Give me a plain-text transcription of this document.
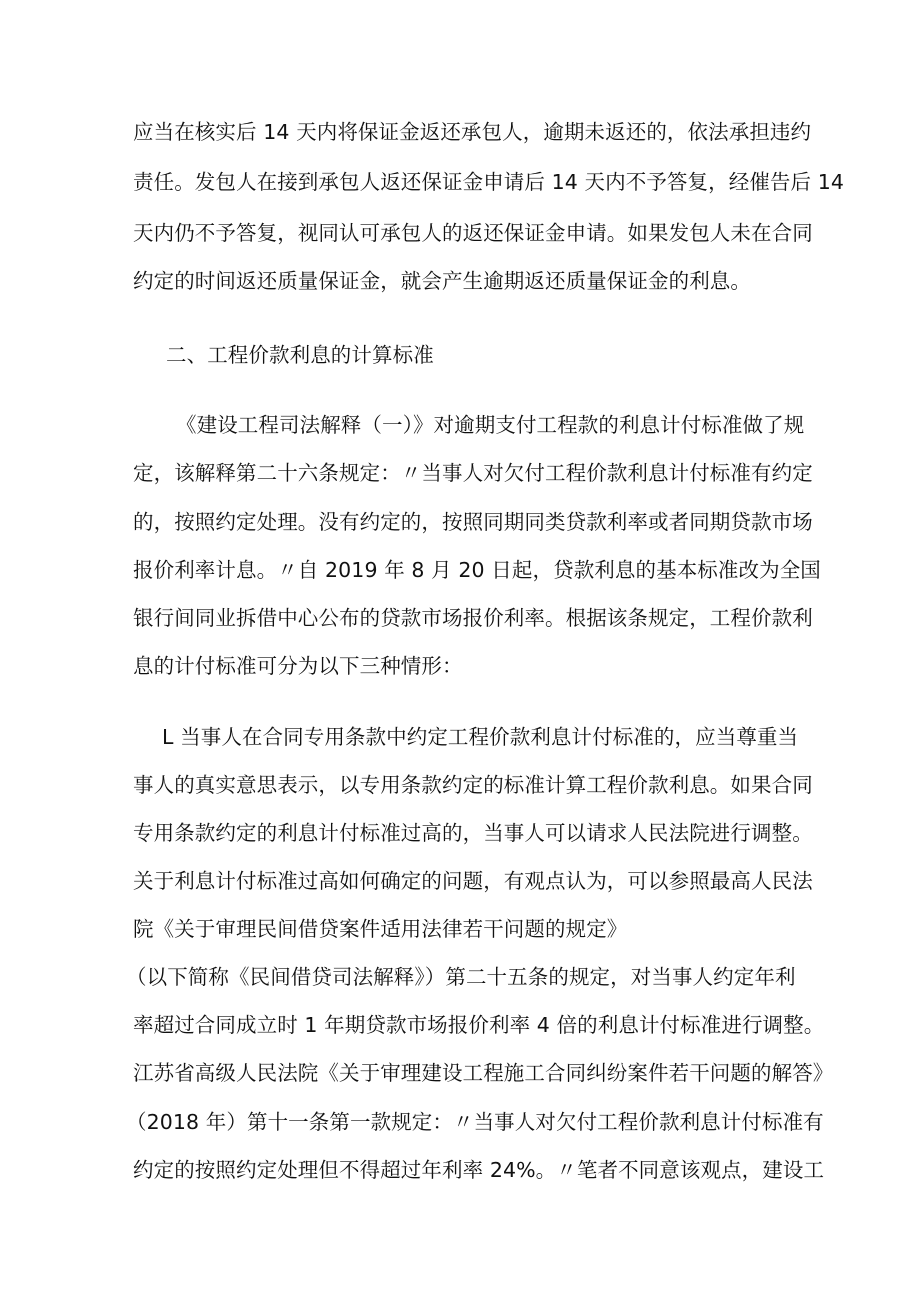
应当在核实后 14 天内将保证金返还承包人，逾期未返还的，依法承担违约
责任。发包人在接到承包人返还保证金申请后 14 天内不予答复，经催告后 14
天内仍不予答复，视同认可承包人的返还保证金申请。如果发包人未在合同
约定的时间返还质量保证金，就会产生逾期返还质量保证金的利息。
二、工程价款利息的计算标准
《建设工程司法解释（一）》对逾期支付工程款的利息计付标准做了规
定，该解释第二十六条规定：〃当事人对欠付工程价款利息计付标准有约定
的，按照约定处理。没有约定的，按照同期同类贷款利率或者同期贷款市场
报价利率计息。〃自 2019 年 8 月 20 日起，贷款利息的基本标准改为全国
银行间同业拆借中心公布的贷款市场报价利率。根据该条规定，工程价款利
息的计付标准可分为以下三种情形：
L 当事人在合同专用条款中约定工程价款利息计付标准的，应当尊重当
事人的真实意思表示，以专用条款约定的标准计算工程价款利息。如果合同
专用条款约定的利息计付标准过高的，当事人可以请求人民法院进行调整。
关于利息计付标准过高如何确定的问题，有观点认为，可以参照最高人民法
院《关于审理民间借贷案件适用法律若干问题的规定》
（以下简称《民间借贷司法解释》）第二十五条的规定，对当事人约定年利
率超过合同成立时 1 年期贷款市场报价利率 4 倍的利息计付标准进行调整。
江苏省高级人民法院《关于审理建设工程施工合同纠纷案件若干问题的解答》
（2018 年）第十一条第一款规定：〃当事人对欠付工程价款利息计付标准有
约定的按照约定处理但不得超过年利率 24%。〃笔者不同意该观点，建设工
